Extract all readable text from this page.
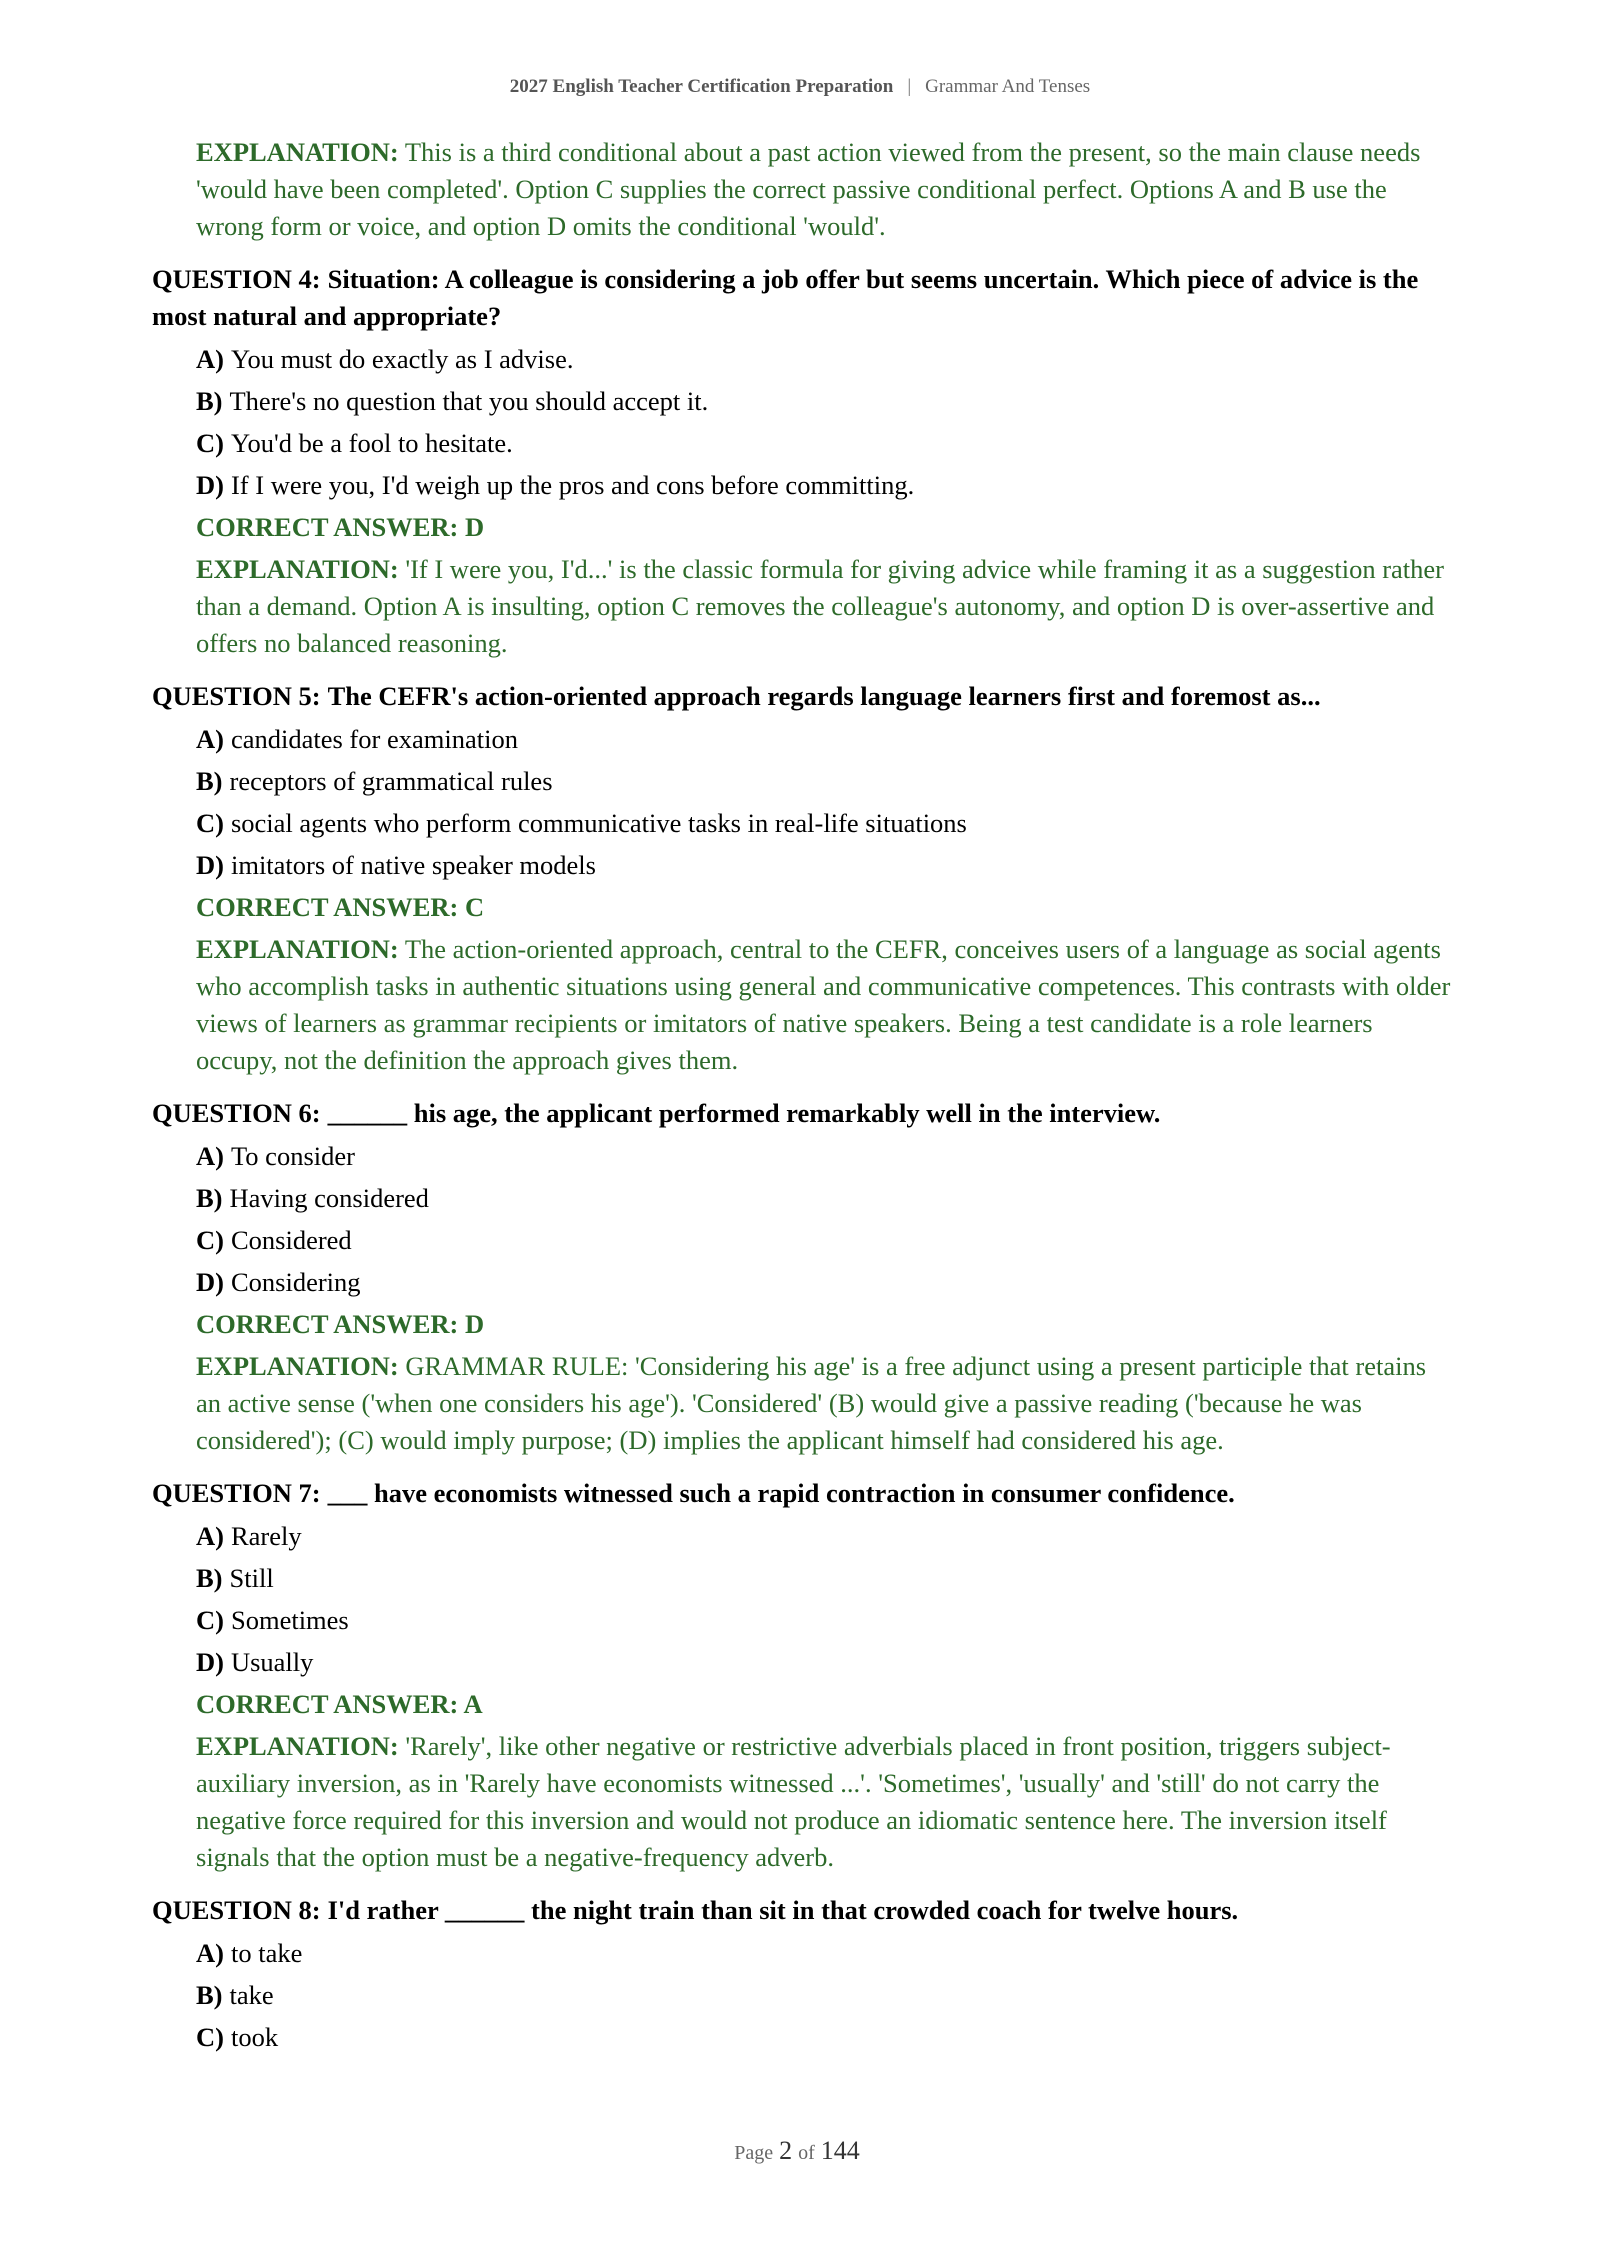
2027 English Teacher Certification Preparation | Grammar And Tenses
EXPLANATION: This is a third conditional about a past action viewed from the present, so the main clause needs 'would have been completed'. Option C supplies the correct passive conditional perfect. Options A and B use the wrong form or voice, and option D omits the conditional 'would'.
QUESTION 4: Situation: A colleague is considering a job offer but seems uncertain. Which piece of advice is the most natural and appropriate?
A) You must do exactly as I advise.
B) There's no question that you should accept it.
C) You'd be a fool to hesitate.
D) If I were you, I'd weigh up the pros and cons before committing.
CORRECT ANSWER: D
EXPLANATION: 'If I were you, I'd...' is the classic formula for giving advice while framing it as a suggestion rather than a demand. Option A is insulting, option C removes the colleague's autonomy, and option D is over-assertive and offers no balanced reasoning.
QUESTION 5: The CEFR's action-oriented approach regards language learners first and foremost as...
A) candidates for examination
B) receptors of grammatical rules
C) social agents who perform communicative tasks in real-life situations
D) imitators of native speaker models
CORRECT ANSWER: C
EXPLANATION: The action-oriented approach, central to the CEFR, conceives users of a language as social agents who accomplish tasks in authentic situations using general and communicative competences. This contrasts with older views of learners as grammar recipients or imitators of native speakers. Being a test candidate is a role learners occupy, not the definition the approach gives them.
QUESTION 6: ______ his age, the applicant performed remarkably well in the interview.
A) To consider
B) Having considered
C) Considered
D) Considering
CORRECT ANSWER: D
EXPLANATION: GRAMMAR RULE: 'Considering his age' is a free adjunct using a present participle that retains an active sense ('when one considers his age'). 'Considered' (B) would give a passive reading ('because he was considered'); (C) would imply purpose; (D) implies the applicant himself had considered his age.
QUESTION 7: ___ have economists witnessed such a rapid contraction in consumer confidence.
A) Rarely
B) Still
C) Sometimes
D) Usually
CORRECT ANSWER: A
EXPLANATION: 'Rarely', like other negative or restrictive adverbials placed in front position, triggers subject-auxiliary inversion, as in 'Rarely have economists witnessed ...'. 'Sometimes', 'usually' and 'still' do not carry the negative force required for this inversion and would not produce an idiomatic sentence here. The inversion itself signals that the option must be a negative-frequency adverb.
QUESTION 8: I'd rather ______ the night train than sit in that crowded coach for twelve hours.
A) to take
B) take
C) took
Page 2 of 144
